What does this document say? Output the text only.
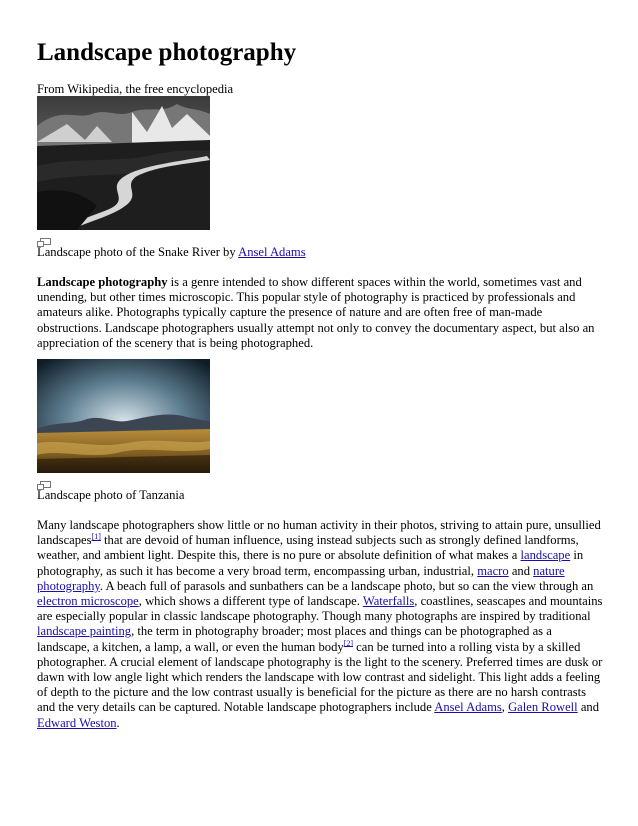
Landscape photography

From Wikipedia, the free encyclopedia

Landscape photo of the Snake River by Ansel Adams

Landscape photography is a genre intended to show different spaces within the world, sometimes vast and unending, but other times microscopic. This popular style of photography is practiced by professionals and amateurs alike. Photographs typically capture the presence of nature and are often free of man-made obstructions. Landscape photographers usually attempt not only to convey the documentary aspect, but also an appreciation of the scenery that is being photographed.

Landscape photo of Tanzania

Many landscape photographers show little or no human activity in their photos, striving to attain pure, unsullied landscapes[1] that are devoid of human influence, using instead subjects such as strongly defined landforms, weather, and ambient light. Despite this, there is no pure or absolute definition of what makes a landscape in photography, as such it has become a very broad term, encompassing urban, industrial, macro and nature photography. A beach full of parasols and sunbathers can be a landscape photo, but so can the view through an electron microscope, which shows a different type of landscape. Waterfalls, coastlines, seascapes and mountains are especially popular in classic landscape photography. Though many photographs are inspired by traditional landscape painting, the term in photography broader; most places and things can be photographed as a landscape, a kitchen, a lamp, a wall, or even the human body[2] can be turned into a rolling vista by a skilled photographer. A crucial element of landscape photography is the light to the scenery. Preferred times are dusk or dawn with low angle light which renders the landscape with low contrast and sidelight. This light adds a feeling of depth to the picture and the low contrast usually is beneficial for the picture as there are no harsh contrasts and the very details can be captured. Notable landscape photographers include Ansel Adams, Galen Rowell and Edward Weston.
